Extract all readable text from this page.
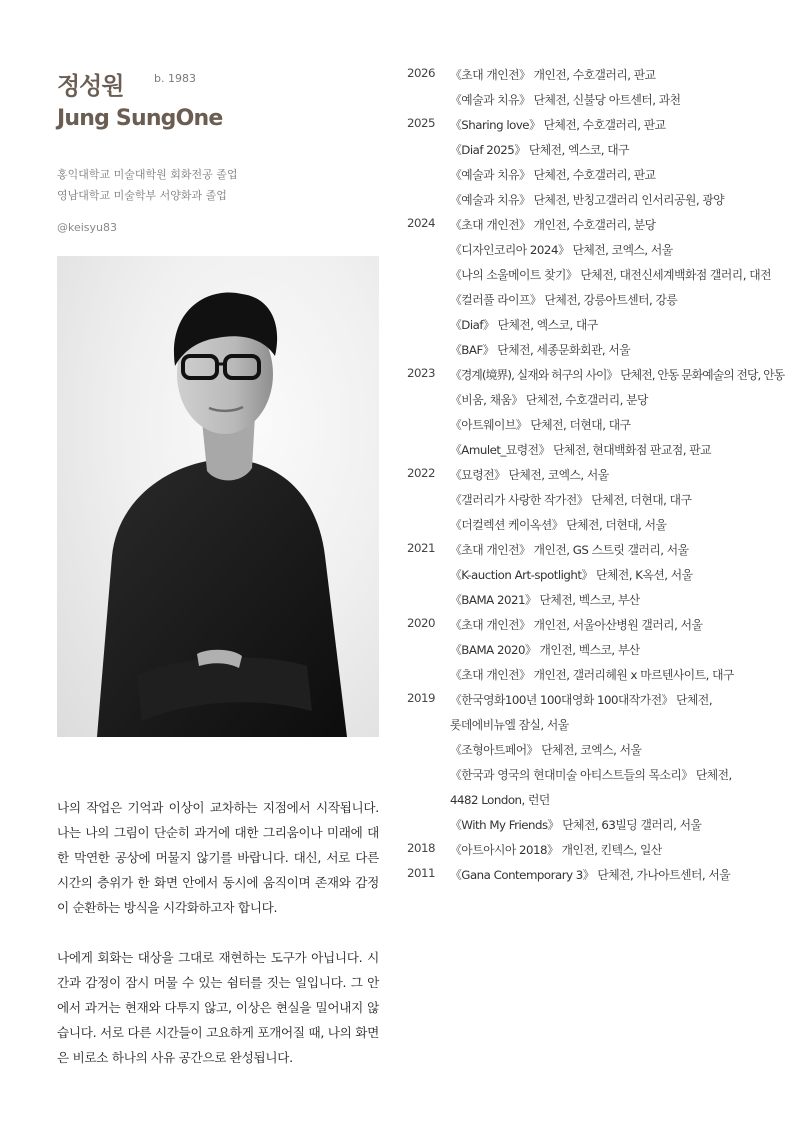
정성원	b. 1983
Jung SungOne
홍익대학교 미술대학원 회화전공 졸업
영남대학교 미술학부 서양화과 졸업
@keisyu83

나의 작업은 기억과 이상이 교차하는 지점에서 시작됩니다. 나는 나의 그림이 단순히 과거에 대한 그리움이나 미래에 대한 막연한 공상에 머물지 않기를 바랍니다. 대신, 서로 다른 시간의 층위가 한 화면 안에서 동시에 움직이며 존재와 감정이 순환하는 방식을 시각화하고자 합니다.

나에게 회화는 대상을 그대로 재현하는 도구가 아닙니다. 시간과 감정이 잠시 머물 수 있는 쉼터를 짓는 일입니다. 그 안에서 과거는 현재와 다투지 않고, 이상은 현실을 밀어내지 않습니다. 서로 다른 시간들이 고요하게 포개어질 때, 나의 화면은 비로소 하나의 사유 공간으로 완성됩니다.

2026 《초대 개인전》 개인전, 수호갤러리, 판교
《예술과 치유》 단체전, 신불당 아트센터, 과천
2025 《Sharing love》 단체전, 수호갤러리, 판교
《Diaf 2025》 단체전, 엑스코, 대구
《예술과 치유》 단체전, 수호갤러리, 판교
《예술과 치유》 단체전, 반칭고갤러리 인서리공원, 광양
2024 《초대 개인전》 개인전, 수호갤러리, 분당
《디자인코리아 2024》 단체전, 코엑스, 서울
《나의 소울메이트 찾기》 단체전, 대전신세계백화점 갤러리, 대전
《컬러풀 라이프》 단체전, 강릉아트센터, 강릉
《Diaf》 단체전, 엑스코, 대구
《BAF》 단체전, 세종문화회관, 서울
2023 《경계(境界), 실재와 허구의 사이》 단체전, 안동 문화예술의 전당, 안동
《비움, 채움》 단체전, 수호갤러리, 분당
《아트웨이브》 단체전, 더현대, 대구
《Amulet_묘령전》 단체전, 현대백화점 판교점, 판교
2022 《묘령전》 단체전, 코엑스, 서울
《갤러리가 사랑한 작가전》 단체전, 더현대, 대구
《더컬렉션 케이옥션》 단체전, 더현대, 서울
2021 《초대 개인전》 개인전, GS 스트릿 갤러리, 서울
《K-auction Art-spotlight》 단체전, K옥션, 서울
《BAMA 2021》 단체전, 벡스코, 부산
2020 《초대 개인전》 개인전, 서울아산병원 갤러리, 서울
《BAMA 2020》 개인전, 벡스코, 부산
《초대 개인전》 개인전, 갤러리헤원 x 마르텐사이트, 대구
2019 《한국영화100년 100대영화 100대작가전》 단체전,
롯데에비뉴엘 잠실, 서울
《조형아트페어》 단체전, 코엑스, 서울
《한국과 영국의 현대미술 아티스트들의 목소리》 단체전,
4482 London, 런던
《With My Friends》 단체전, 63빌딩 갤러리, 서울
2018 《아트아시아 2018》 개인전, 킨텍스, 일산
2011 《Gana Contemporary 3》 단체전, 가나아트센터, 서울
